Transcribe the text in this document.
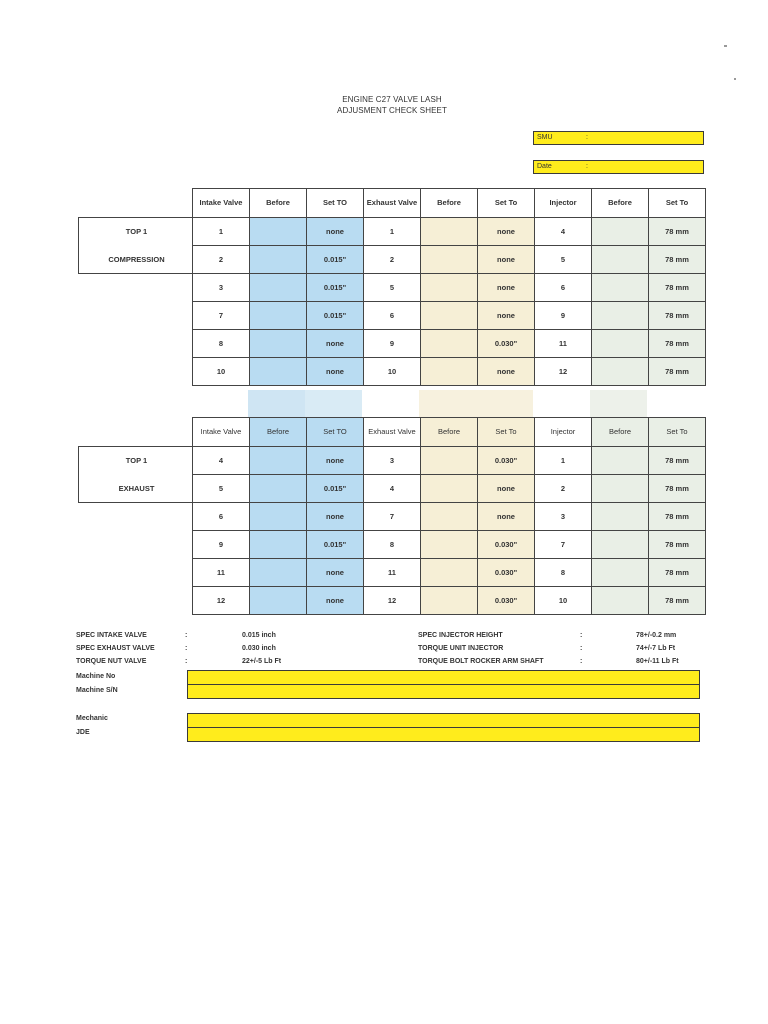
ENGINE C27 VALVE LASH
ADJUSMENT CHECK SHEET
SMU	:
Date	:
TOP 1
COMPRESSION
Intake Valve	Before	Set TO	Exhaust Valve	Before	Set To	Injector	Before	Set To
1		none	1		none	4		78 mm
2		0.015"	2		none	5		78 mm
3		0.015"	5		none	6		78 mm
7		0.015"	6		none	9		78 mm
8		none	9		0.030"	11		78 mm
10		none	10		none	12		78 mm
TOP 1
EXHAUST
Intake Valve	Before	Set TO	Exhaust Valve	Before	Set To	Injector	Before	Set To
4		none	3		0.030"	1		78 mm
5		0.015"	4		none	2		78 mm
6		none	7		none	3		78 mm
9		0.015"	8		0.030"	7		78 mm
11		none	11		0.030"	8		78 mm
12		none	12		0.030"	10		78 mm
SPEC INTAKE VALVE	:	0.015 inch
SPEC EXHAUST VALVE	:	0.030 inch
TORQUE NUT VALVE	:	22+/-5 Lb Ft
SPEC INJECTOR HEIGHT	:	78+/-0.2 mm
TORQUE UNIT INJECTOR	:	74+/-7 Lb Ft
TORQUE BOLT ROCKER ARM SHAFT	:	80+/-11 Lb Ft
Machine No
Machine S/N
Mechanic
JDE
